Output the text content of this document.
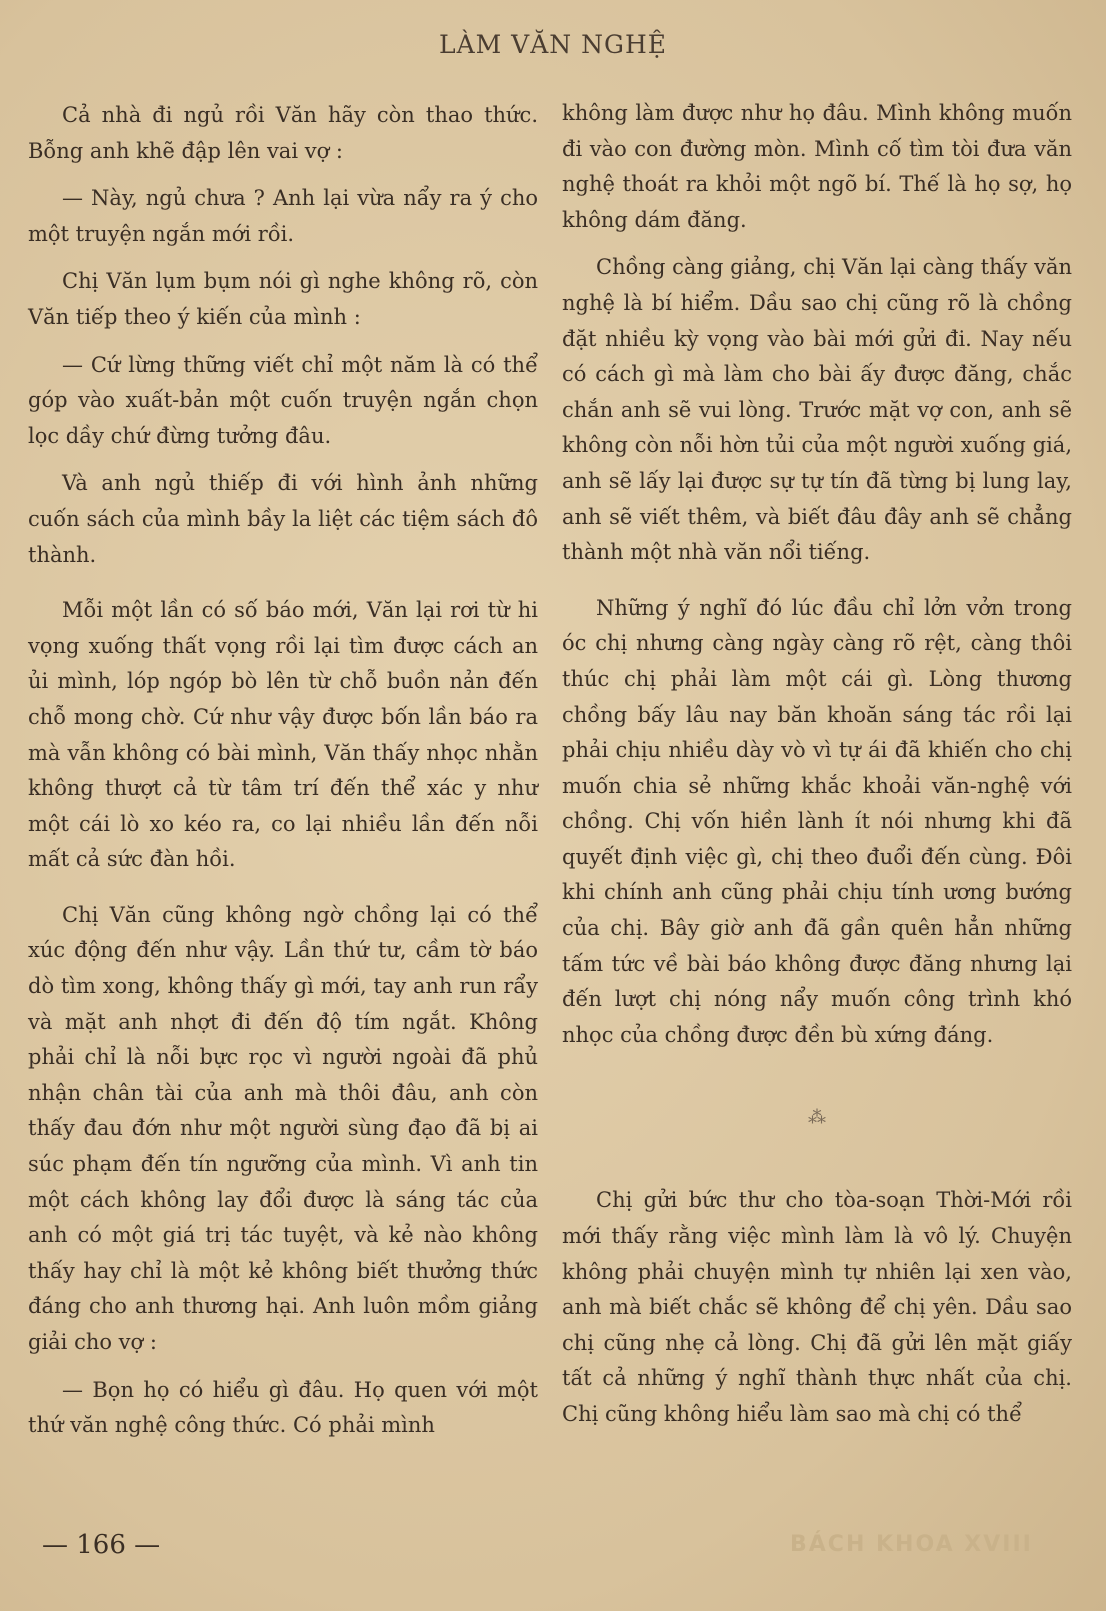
LÀM VĂN NGHỆ

Cả nhà đi ngủ rồi Văn hãy còn thao thức. Bỗng anh khẽ đập lên vai vợ :

— Này, ngủ chưa ? Anh lại vừa nẩy ra ý cho một truyện ngắn mới rồi.

Chị Văn lụm bụm nói gì nghe không rõ, còn Văn tiếp theo ý kiến của mình :

— Cứ lừng thững viết chỉ một năm là có thể góp vào xuất-bản một cuốn truyện ngắn chọn lọc dầy chứ đừng tưởng đâu.

Và anh ngủ thiếp đi với hình ảnh những cuốn sách của mình bầy la liệt các tiệm sách đô thành.

Mỗi một lần có số báo mới, Văn lại rơi từ hi vọng xuống thất vọng rồi lại tìm được cách an ủi mình, lóp ngóp bò lên từ chỗ buồn nản đến chỗ mong chờ. Cứ như vậy được bốn lần báo ra mà vẫn không có bài mình, Văn thấy nhọc nhằn không thượt cả từ tâm trí đến thể xác y như một cái lò xo kéo ra, co lại nhiều lần đến nỗi mất cả sức đàn hồi.

Chị Văn cũng không ngờ chồng lại có thể xúc động đến như vậy. Lần thứ tư, cầm tờ báo dò tìm xong, không thấy gì mới, tay anh run rẩy và mặt anh nhợt đi đến độ tím ngắt. Không phải chỉ là nỗi bực rọc vì người ngoài đã phủ nhận chân tài của anh mà thôi đâu, anh còn thấy đau đớn như một người sùng đạo đã bị ai súc phạm đến tín ngưỡng của mình. Vì anh tin một cách không lay đổi được là sáng tác của anh có một giá trị tác tuyệt, và kẻ nào không thấy hay chỉ là một kẻ không biết thưởng thức đáng cho anh thương hại. Anh luôn mồm giảng giải cho vợ :

— Bọn họ có hiểu gì đâu. Họ quen với một thứ văn nghệ công thức. Có phải mình

không làm được như họ đâu. Mình không muốn đi vào con đường mòn. Mình cố tìm tòi đưa văn nghệ thoát ra khỏi một ngõ bí. Thế là họ sợ, họ không dám đăng.

Chồng càng giảng, chị Văn lại càng thấy văn nghệ là bí hiểm. Dầu sao chị cũng rõ là chồng đặt nhiều kỳ vọng vào bài mới gửi đi. Nay nếu có cách gì mà làm cho bài ấy được đăng, chắc chắn anh sẽ vui lòng. Trước mặt vợ con, anh sẽ không còn nỗi hờn tủi của một người xuống giá, anh sẽ lấy lại được sự tự tín đã từng bị lung lay, anh sẽ viết thêm, và biết đâu đây anh sẽ chẳng thành một nhà văn nổi tiếng.

Những ý nghĩ đó lúc đầu chỉ lởn vởn trong óc chị nhưng càng ngày càng rõ rệt, càng thôi thúc chị phải làm một cái gì. Lòng thương chồng bấy lâu nay băn khoăn sáng tác rồi lại phải chịu nhiều dày vò vì tự ái đã khiến cho chị muốn chia sẻ những khắc khoải văn-nghệ với chồng. Chị vốn hiền lành ít nói nhưng khi đã quyết định việc gì, chị theo đuổi đến cùng. Đôi khi chính anh cũng phải chịu tính ương bướng của chị. Bây giờ anh đã gần quên hẳn những tấm tức về bài báo không được đăng nhưng lại đến lượt chị nóng nẩy muốn công trình khó nhọc của chồng được đền bù xứng đáng.

⁂

Chị gửi bức thư cho tòa-soạn Thời-Mới rồi mới thấy rằng việc mình làm là vô lý. Chuyện không phải chuyện mình tự nhiên lại xen vào, anh mà biết chắc sẽ không để chị yên. Dầu sao chị cũng nhẹ cả lòng. Chị đã gửi lên mặt giấy tất cả những ý nghĩ thành thực nhất của chị. Chị cũng không hiểu làm sao mà chị có thể

— 166 —	BÁCH KHOA XVIII
